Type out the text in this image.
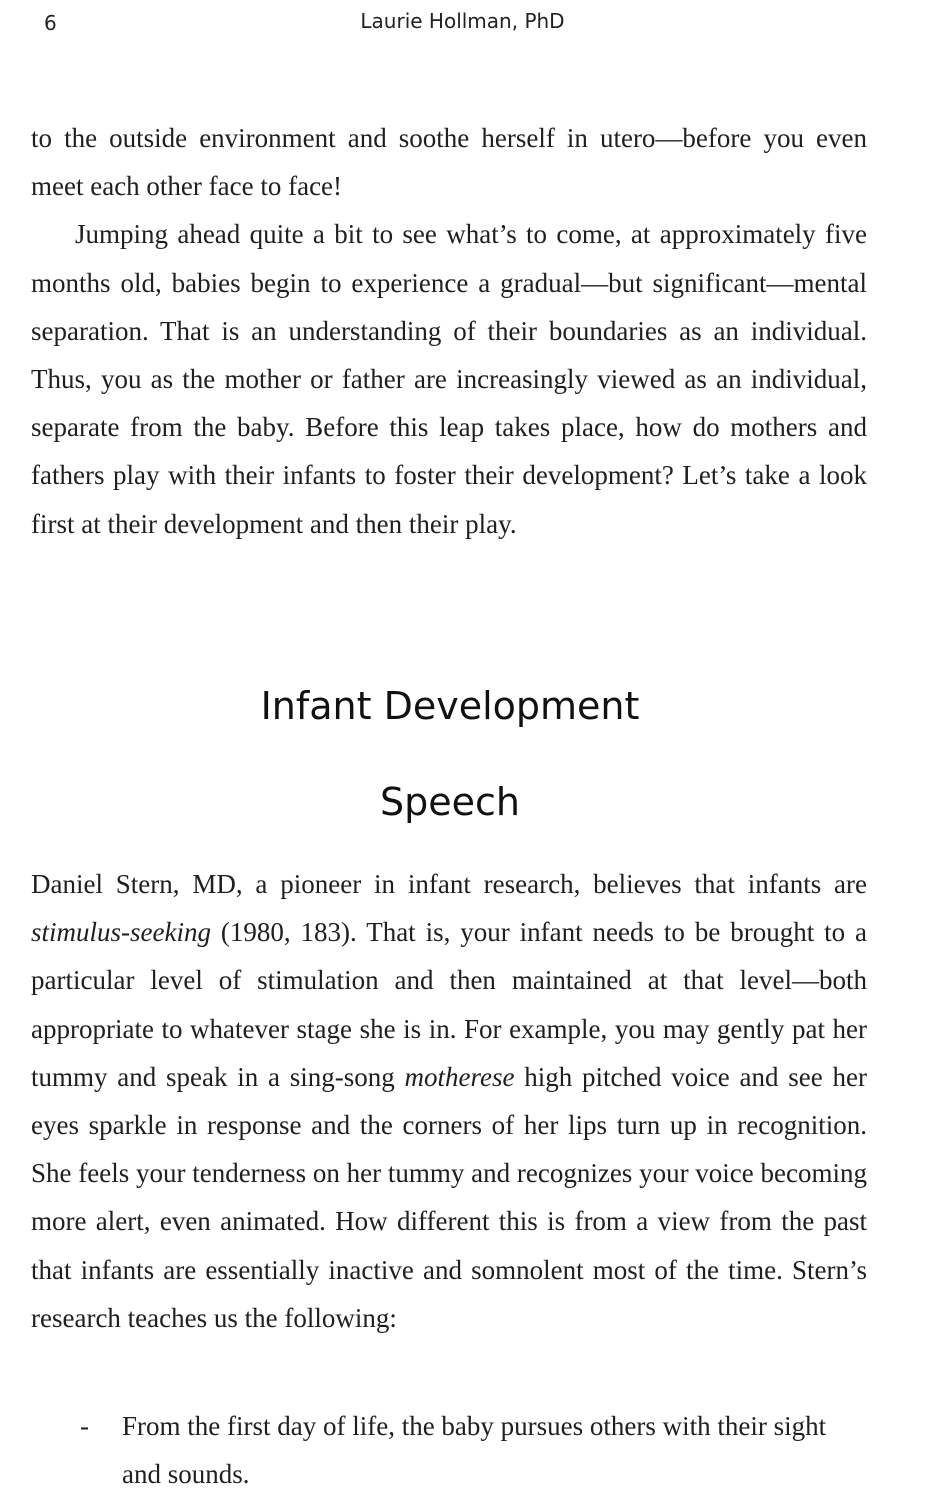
6	Laurie Hollman, PhD

to the outside environment and soothe herself in utero—before you even meet each other face to face!

Jumping ahead quite a bit to see what’s to come, at approximately five months old, babies begin to experience a gradual—but significant—mental separation. That is an understanding of their boundaries as an individual. Thus, you as the mother or father are increasingly viewed as an individual, separate from the baby. Before this leap takes place, how do mothers and fathers play with their infants to foster their development? Let’s take a look first at their development and then their play.

Infant Development
Speech

Daniel Stern, MD, a pioneer in infant research, believes that infants are stimulus-seeking (1980, 183). That is, your infant needs to be brought to a particular level of stimulation and then maintained at that level—both appropriate to whatever stage she is in. For example, you may gently pat her tummy and speak in a sing-song motherese high pitched voice and see her eyes sparkle in response and the corners of her lips turn up in recognition. She feels your tenderness on her tummy and recognizes your voice becoming more alert, even animated. How different this is from a view from the past that infants are essentially inactive and somnolent most of the time. Stern’s research teaches us the following:

- From the first day of life, the baby pursues others with their sight and sounds.
